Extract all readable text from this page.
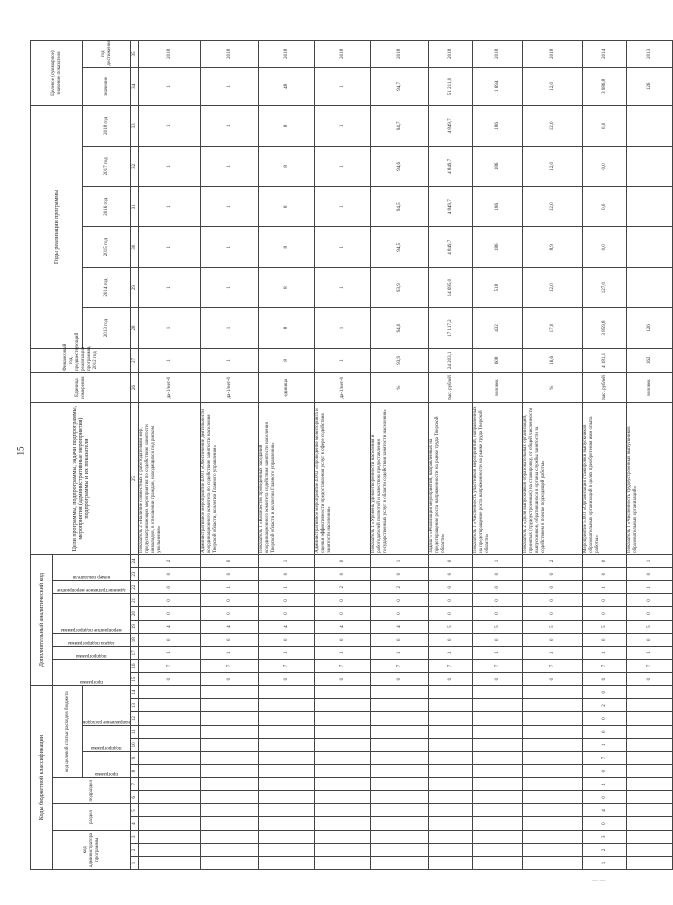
15
— —
Коды бюджетной классификации														Дополнительный аналитический код										Цели программы, подпрограммы, задачи подпрограммы, мероприятия (административные мероприятия) подпрограммы и их показатели	Единица измерения	Финансовый год, предшествующий реализации программы, 2012 год	Годы реализации программы						Целевое (суммарное) значение показателя	
код администратора программы			раздел		подраздел		код целевой статьи расходов бюджета							программа		подпрограмма	задача подпрограммы	мероприятие подпрограммы			административное мероприятие	номер показателя												

							программа		подпрограмма		направление расходов																2013 год	2014 год	2015 год	2016 год	2017 год	2018 год	значение	год достижения
1	2	3	4	5	6	7	8	9	10	11	12	13	14	15	16	17	18	19	20	21	22	23	24	25	26	27	28	29	30	31	32	33	34	35
														0	7	1	0	4	0	0	0	0	2	Показатель 2 «Наличие совместных с работодателями мер, предусматривающих мероприятия по содействию занятости инвалидов, в отношении граждан, находящихся под риском увольнения»	да-1/нет-0	1	1	1	1	1	1	1	1	2018
														0	7	1	0	4	0	0	1	0	0	Административное мероприятие 4.001 «Обеспечение деятельности координационного комитета по содействию занятости населения Тверской области, коллегии Главного управления»	да-1/нет-0	1	1	1	1	1	1	1	1	2018
														0	7	1	0	4	0	0	1	0	1	Показатель 1 «Количество проведенных заседаний координационного комитета содействия занятости населения Тверской области и коллегии Главного управления»	единица	8	8	8	8	8	8	8	48	2018
														0	7	1	0	4	0	0	2	0	0	Административное мероприятие 4.002 «Проведение мониторинга и оценки эффективности предоставления услуг в сфере содействия занятости населения»	да-1/нет-0	1	1	1	1	1	1	1	1	2018
														0	7	1	0	4	0	0	2	0	1	Показатель 1 «Уровень удовлетворенности населения и работодателей полнотой и качеством предоставления государственных услуг в области содействия занятости населения»	%	93,9	94,0	93,9	94,5	94,5	94,6	94,7	94,7	2018
														0	7	1	0	5	0	0	0	0	0	Задача 5 «Реализация мероприятий, направленных на предотвращение роста напряженности на рынке труда Тверской области»	тыс. рублей	24 203,1	17 117,2	14 695,0	4 849,7	4 849,7	4 849,7	4 849,7	51 211,0	2018
														0	7	1	0	5	0	0	0	0	1	Показатель 1 «Численность участников мероприятий, направленных на предотвращение роста напряженности на рынке труда Тверской области»	человек	608	432	518	186	186	186	186	1 694	2018
														0	7	1	0	5	0	0	0	0	2	Показатель 2 «Доля выпускников образовательных организаций, принятых (трудоустроенных) на стажировку, от общей численности выпускников, обратившихся в органы службы занятости за содействием в поиске подходящей работы»	%	16,6	17,0	12,0	8,9	12,0	12,0	12,0	12,0	2018
1	2	3	0	4	0	1	0	7	1	0	0	2	0	0	7	1	0	5	0	0	1	0	0	Мероприятие 5.001 «Организация стажировки выпускников образовательных организаций в целях приобретения ими опыта работы»	тыс. рублей	4 181,1	3 859,8	127,0	0,0	0,0	0,0	0,0	3 986,8	2014
														0	7	1	0	5	0	0	1	0	1	Показатель 1 «Численность трудоустроенных выпускников образовательных организаций»	человек	162	126						126	2013
